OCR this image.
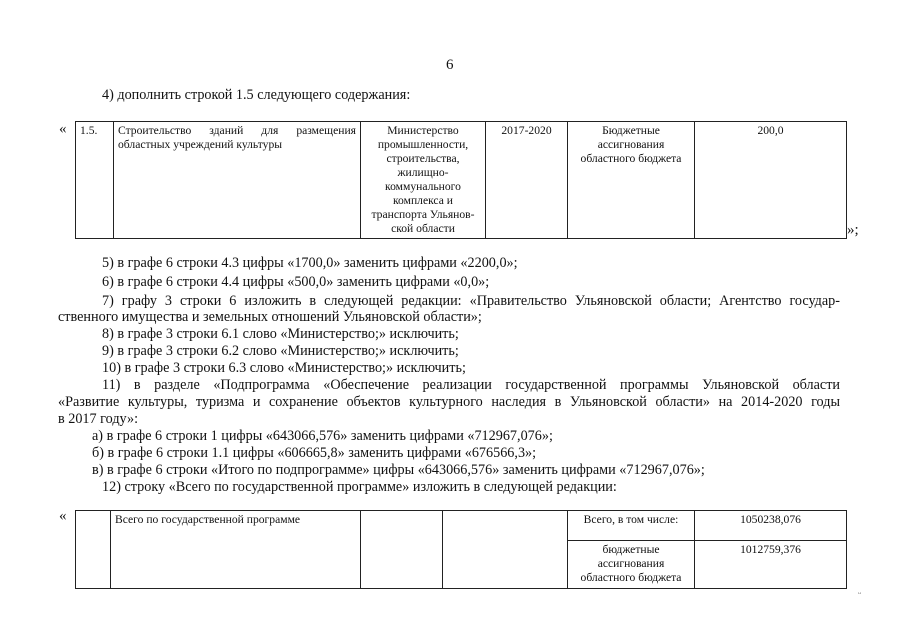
6
4) дополнить строкой 1.5 следующего содержания:
« 1.5.	Строительство зданий для размещения областных учреждений культуры	Министерство промышленности, строительства, жилищно-коммунального комплекса и транспорта Ульянов-ской области	2017-2020	Бюджетные ассигнования областного бюджета	200,0
»;
5) в графе 6 строки 4.3 цифры «1700,0» заменить цифрами «2200,0»;
6) в графе 6 строки 4.4 цифры «500,0» заменить цифрами «0,0»;
7) графу 3 строки 6 изложить в следующей редакции: «Правительство Ульяновской области; Агентство государ-
ственного имущества и земельных отношений Ульяновской области»;
8) в графе 3 строки 6.1 слово «Министерство;» исключить;
9) в графе 3 строки 6.2 слово «Министерство;» исключить;
10) в графе 3 строки 6.3 слово «Министерство;» исключить;
11) в разделе «Подпрограмма «Обеспечение реализации государственной программы Ульяновской области
«Развитие культуры, туризма и сохранение объектов культурного наследия в Ульяновской области» на 2014-2020 годы
в 2017 году»:
а) в графе 6 строки 1 цифры «643066,576» заменить цифрами «712967,076»;
б) в графе 6 строки 1.1 цифры «606665,8» заменить цифрами «676566,3»;
в) в графе 6 строки «Итого по подпрограмме» цифры «643066,576» заменить цифрами «712967,076»;
12) строку «Всего по государственной программе» изложить в следующей редакции:
«
		Всего по государственной программе			Всего, в том числе:	1050238,076
				бюджетные ассигнования областного бюджета	1012759,376
ᵕ
